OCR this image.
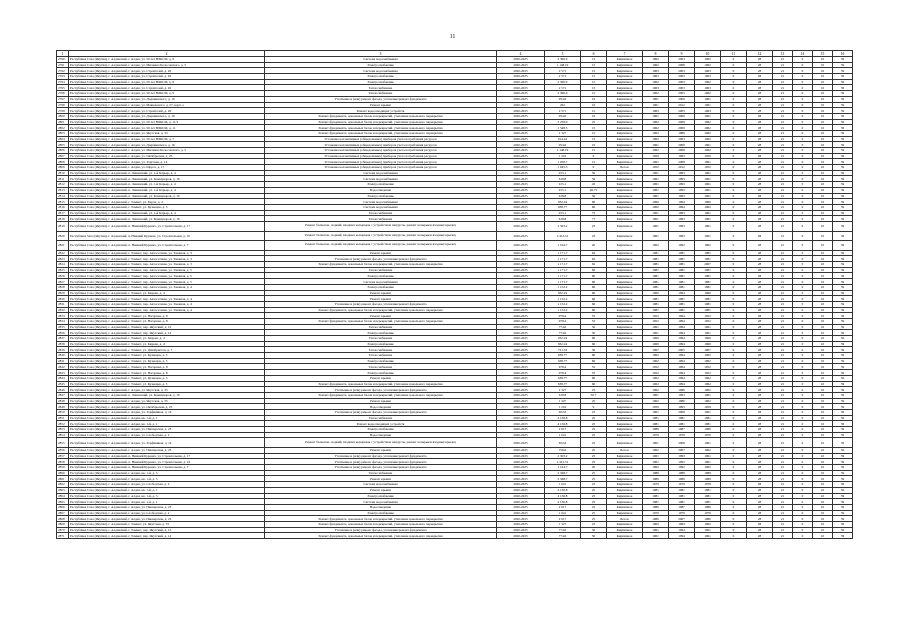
11
1	2	3	4	5	6	7	8	9	10	11	12	13	14	15	16
2790	Республика Саха (Якутия), г. Алданский, г. Алдан, ул. 50 лет ВЛКСМ, д. 9	Система водоснабжения	2020-2025	2 390.9	15	Кирпичное	1962	2003	1962	0	28	21	0	10	59
2791	Республика Саха (Якутия), г. Алданский, г. Алдан, ул. Мичмана Колосовского, д. 5	Электроснабжение	2020-2025	1 148.19	15	Кирпичное	1962	2008	1962	0	28	21	0	10	59
2792	Республика Саха (Якутия), г. Алданский, г. Алдан, ул. Строителей, д. 26	Система водоснабжения	2020-2025	2 571	15	Кирпичное	1963	2003	1963	0	28	21	0	10	59
2793	Республика Саха (Якутия), г. Алданский, г. Алдан, ул. Строителей, д. 26	Электроснабжение	2020-2025	2 571	15	Кирпичное	1963	2003	1963	0	28	21	0	10	59
2794	Республика Саха (Якутия), г. Алданский, г. Алдан, ул. 50 лет ВЛКСМ, д. 9	Электроснабжение	2020-2025	2 390.9	15	Кирпичное	1962	2003	1962	0	28	21	0	10	59
2795	Республика Саха (Якутия), г. Алданский, г. Алдан, ул. Строителей, д. 26	Теплоснабжение	2020-2025	2 571	15	Кирпичное	1963	2003	1963	0	28	21	0	10	59
2796	Республика Саха (Якутия), г. Алданский, г. Алдан, ул. 50 лет ВЛКСМ, д. 9	Теплоснабжение	2020-2025	2 390.9	15	Кирпичное	1962	2003	1962	0	28	21	0	10	59
2797	Республика Саха (Якутия), г. Алданский, г. Алдан, ул. Дзержинского, д. 16	Утепление и (или) ремонт фасада, утепление/ремонт фундамента	2020-2025	954.6	19	Кирпичное	1961	2009	1961	0	28	21	0	10	59
2798	Республика Саха (Якутия), г. Алданский, г. Алдан, ул. Маяковского, д. 27, корп. а	Ремонт крыши	2020-2025	262	10	Кирпичное	1961	2012	1961	0	28	21	0	10	59
2799	Республика Саха (Якутия), г. Алданский, г. Алдан, ул. Строителей, д. 26	Ремонт водоотводящих устройств	2020-2025	2 571	15	Кирпичное	1963	2003	1963	0	28	21	0	10	59
2800	Республика Саха (Якутия), г. Алданский, г. Алдан, ул. Дзержинского, д. 16	Ремонт фундамента, цокольных балок и перекрытий, утепление цокольного перекрытия	2020-2025	954.6	19	Кирпичное	1961	2009	1961	0	28	21	0	10	59
2801	Республика Саха (Якутия), г. Алданский, г. Алдан, ул. 50 лет ВЛКСМ, д. 11/2	Ремонт фундамента, цокольных балок и перекрытий, утепление цокольного перекрытия	2020-2025	2 256.9	25	Кирпичное	1962	2009	1962	0	28	21	0	10	59
2802	Республика Саха (Якутия), г. Алданский, г. Алдан, ул. 50 лет ВЛКСМ, д. 11	Ремонт фундамента, цокольных балок и перекрытий, утепление цокольного перекрытия	2020-2025	1 548.5	15	Кирпичное	1962	2009	1962	0	28	21	0	10	59
2803	Республика Саха (Якутия), г. Алданский, г. Алдан, ул. Якутская, д. 33	Ремонт фундамента, цокольных балок и перекрытий, утепление цокольного перекрытия	2020-2025	1 327	15	Кирпичное	1962	1986	1962	0	28	21	0	10	59
2804	Республика Саха (Якутия), г. Алданский, г. Алдан, ул. 50 лет ВЛКСМ, д. 7	Установка коллективных (общедомовых) приборов учета потребления ресурсов	2020-2025	914.24	15	Кирпичное	1962	2003	1962	0	28	21	0	10	59
2805	Республика Саха (Якутия), г. Алданский, г. Алдан, ул. Дзержинского, д. 16	Установка коллективных (общедомовых) приборов учета потребления ресурсов	2020-2025	954.6	19	Кирпичное	1961	2009	1961	0	28	21	0	10	59
2806	Республика Саха (Якутия), г. Алданский, г. Алдан, ул. Мичмана Колосовского, д. 5	Установка коллективных (общедомовых) приборов учета потребления ресурсов	2020-2025	1 148.19	15	Кирпичное	1962	2008	1962	0	28	21	0	10	59
2807	Республика Саха (Якутия), г. Алданский, г. Алдан, ул. Октябрьская, д. 25	Установка коллективных (общедомовых) приборов учета потребления ресурсов	2020-2025	1 216	9	Кирпичное	1959	1993	1959	0	28	21	0	10	59
2808	Республика Саха (Якутия), г. Алданский, г. Алдан, ул. Торговая, д. 14	Установка коллективных (общедомовых) приборов учета потребления ресурсов	2020-2025	1 058.7	15	Кирпичное	1961	2008	1961	0	28	21	0	10	59
2809	Республика Саха (Якутия), г. Алданский, г. Алдан, ул. Щорса, д. 17	Установка коллективных (общедомовых) приборов учета потребления ресурсов	2020-2025	1 045.3	0	Бетон	1952	2012	1952	0	28	21	0	10	59
2810	Республика Саха (Якутия), г. Алданский, п. Ленинский, ул. 1-й Карьер, д. 4	Система водоснабжения	2020-2025	915.1	56	Кирпичное	1961	1993	1961	0	28	21	0	10	59
2811	Республика Саха (Якутия), г. Алданский, п. Ленинский, ул. Коммунаров, д. 16	Система водоснабжения	2020-2025	618.8	56	Кирпичное	1961	1993	1961	0	28	21	0	10	59
2812	Республика Саха (Якутия), г. Алданский, п. Ленинский, ул. 1-й Карьер, д. 4	Электроснабжение	2020-2025	915.1	45	Кирпичное	1961	1993	1961	0	28	21	0	10	59
2813	Республика Саха (Якутия), г. Алданский, п. Ленинский, ул. 1-й Карьер, д. 4	Водоотведение	2020-2025	915.1	46.75	Кирпичное	1961	1993	1961	0	28	21	0	10	59
2814	Республика Саха (Якутия), г. Алданский, п. Ленинский, ул. Коммунаров, д. 16	Электроснабжение	2020-2025	618.8	56	Кирпичное	1961	1993	1961	0	28	21	0	10	59
2815	Республика Саха (Якутия), г. Алданский, г. Томмот, ул. Карла, д. 4	Система водоснабжения	2020-2025	932.24	60	Кирпичное	1960	1994	1960	0	28	21	0	10	59
2816	Республика Саха (Якутия), г. Алданский, г. Томмот, ул. Кузнецов, д. 5	Система водоснабжения	2020-2025	638.77	60	Кирпичное	1962	1994	1962	0	28	21	0	10	59
2817	Республика Саха (Якутия), г. Алданский, п. Ленинский, ул. 1-й Карьер, д. 4	Теплоснабжение	2020-2025	915.1	75	Кирпичное	1961	1993	1961	0	28	21	0	10	59
2818	Республика Саха (Якутия), г. Алданский, п. Ленинский, ул. Коммунаров, д. 16	Теплоснабжение	2020-2025	618.8	77	Кирпичное	1961	1993	1961	0	28	21	0	10	59
2819	Республика Саха (Якутия), г. Алданский, п. Нижний Куранах, ул. Строительная, д. 17	Ремонт балконов, лоджий, входных козырьков с устройством пандусов, ремонт козырьков входных крылец	2020-2025	2 303.2	25	Кирпичное	1961	1993	1961	0	28	21	0	10	59
2820	Республика Saxa (Якутия), г. Алданский, п. Нижний Куранах, ул. Строительная, д. 19	Ремонт балконов, лоджий, входных козырьков с устройством пандусов, ремонт козырьков входных крылец	2020-2025	2 412.51	25	Кирпичное	1961	1993	1961	0	28	21	0	10	59
2821	Республика Саха (Якутия), г. Алданский, п. Нижний Куранах, ул. Строительная, д. 7	Ремонт балконов, лоджий, входных козырьков с устройством пандусов, ремонт козырьков входных крылец	2020-2025	1 104.7	20	Кирпичное	1962	1992	1962	0	28	21	0	10	59
2822	Республика Саха (Якутия), г. Алданский, г. Томмот, пер. Автосетевая, ул. Таежная, д. 3	Ремонт крыши	2020-2025	1 171.7	62	Кирпичное	1981	1981	1981	0	28	21	0	10	59
2823	Республика Саха (Якутия), г. Алданский, г. Томмот, пер. Автосетевая, ул. Таежная, д. 3	Утепление и (или) ремонт фасада, утепление/ремонт фундамента	2020-2025	1 171.7	62	Кирпичное	1981	1981	1981	0	28	21	0	10	59
2824	Республика Саха (Якутия), г. Алданский, г. Томмот, пер. Автосетевая, ул. Таежная, д. 3	Ремонт фундамента, цокольных балок и перекрытий, утепление цокольного перекрытия	2020-2025	1 171.7	62	Кирпичное	1981	1981	2007	0	28	21	0	10	59
2825	Республика Саха (Якутия), г. Алданский, г. Томмот, пер. Автосетевая, ул. Таежная, д. 5	Теплоснабжение	2020-2025	1 171.7	60	Кирпичное	1981	1981	1981	0	28	21	0	10	59
2826	Республика Саха (Якутия), г. Алданский, г. Томмот, пер. Автосетевая, ул. Таежная, д. 5	Электроснабжение	2020-2025	1 171.7	60	Кирпичное	1981	1981	1981	0	28	21	0	10	59
2827	Республика Саха (Якутия), г. Алданский, г. Томмот, пер. Автосетевая, ул. Таежная, д. 5	Система водоснабжения	2020-2025	1 171.7	60	Кирпичное	1981	1981	1981	0	28	21	0	10	59
2828	Республика Саха (Якутия), г. Алданский, г. Томмот, пер. Автосетевая, ул. Таежная, д. 4	Электроснабжение	2020-2025	1 152.2	60	Кирпичное	1981	1981	1981	0	28	21	0	10	59
2829	Республика Саха (Якутия), г. Алданский, г. Томмот, ул. Кирова, д. 4	Ремонт крыши	2020-2025	932.24	60	Кирпичное	1960	1994	1960	0	28	21	0	10	59
2830	Республика Саха (Якутия), г. Алданский, г. Томмот, пер. Автосетевая, ул. Таежная, д. 4	Ремонт крыши	2020-2025	1 152.2	60	Кирпичное	1981	1981	1981	0	28	21	0	10	59
2831	Республика Саха (Якутия), г. Алданский, г. Томмот, пер. Автосетевая, ул. Таежная, д. 4	Утепление и (или) ремонт фасада, утепление/ремонт фундамента	2020-2025	1 152.2	60	Кирпичное	1981	1981	1981	0	28	21	0	10	59
2832	Республика Саха (Якутия), г. Алданский, г. Томмот, пер. Автосетевая, ул. Таежная, д. 4	Ремонт фундамента, цокольных балок и перекрытий, утепление цокольного перекрытия	2020-2025	1 152.2	60	Кирпичное	1981	1981	1981	0	28	21	0	10	59
2833	Республика Саха (Якутия), г. Алданский, г. Томмот, ул. Нагорная, д. 8	Ремонт крыши	2020-2025	978.4	55	Кирпичное	1952	1994	1952	0	28	21	0	10	59
2834	Республика Саха (Якутия), г. Алданский, г. Томмот, ул. Нагорная, д. 8	Ремонт фундамента, цокольных балок и перекрытий, утепление цокольного перекрытия	2020-2025	978.4	55	Кирпичное	1952	1994	1952	0	28	21	0	10	59
2835	Республика Саха (Якутия), г. Алданский, г. Томмот, пер. Якутский, д. 12	Теплоснабжение	2020-2025	774.6	50	Кирпичное	1961	1994	1961	0	28	21	0	10	59
2836	Республика Саха (Якутия), г. Алданский, г. Томмот, пер. Якутский, д. 12	Электроснабжение	2020-2025	774.6	50	Кирпичное	1961	1994	1961	0	28	21	0	10	59
2837	Республика Саха (Якутия), г. Алданский, г. Томмот, ул. Кирова, д. 4	Теплоснабжение	2020-2025	932.24	60	Кирпичное	1960	1994	1960	0	28	21	0	10	59
2838	Республика Саха (Якутия), г. Алданский, г. Томмот, ул. Кирова, д. 4	Электроснабжение	2020-2025	932.24	60	Кирпичное	1960	1994	1960	0	28	21	0	10	59
2839	Республика Саха (Якутия), г. Алданский, г. Томмот, ул. Декабристов, д. 7	Теплоснабжение	2020-2025	721.33	50	Кирпичное	1967	2005	1967	0	28	21	0	10	59
2840	Республика Саха (Якутия), г. Алданский, г. Томмот, ул. Кузнецов, д. 5	Теплоснабжение	2020-2025	638.77	60	Кирпичное	1962	1994	1962	0	28	21	0	10	59
2841	Республика Саха (Якутия), г. Алданский, г. Томмот, ул. Кузнецов, д. 5	Электроснабжение	2020-2025	638.77	60	Кирпичное	1962	1994	1962	0	28	21	0	10	59
2842	Республика Саха (Якутия), г. Алданский, г. Томмот, ул. Нагорная, д. 8	Теплоснабжение	2020-2025	978.4	55	Кирпичное	1952	1994	1952	0	28	21	0	10	59
2843	Республика Саха (Якутия), г. Алданский, г. Томмот, ул. Нагорная, д. 8	Электроснабжение	2020-2025	978.4	55	Кирпичное	1952	1994	1952	0	28	21	0	10	59
2844	Республика Саха (Якутия), г. Алданский, г. Томмот, ул. Кузнецов, д. 5	Ремонт крыши	2020-2025	638.77	60	Кирпичное	1962	1994	1962	0	28	21	0	10	59
2845	Республика Саха (Якутия), г. Алданский, г. Томмот, ул. Кузнецов, д. 5	Ремонт фундамента, цокольных балок и перекрытий, утепление цокольного перекрытия	2020-2025	638.77	60	Кирпичное	1962	1994	1962	0	28	21	0	10	59
2846	Республика Саха (Якутия), г. Алданский, г. Алдан, ул. Якутская, д. 33	Утепление и (или) ремонт фасада, утепление/ремонт фундамента	2020-2025	1 327	25	Кирпичное	1962	1986	1962	0	28	21	0	10	59
2847	Республика Саха (Якутия), г. Алданский, п. Ленинский, ул. Коммунаров, д. 16	Ремонт фундамента, цокольных балок и перекрытий, утепление цокольного перекрытия	2020-2025	618.8	56.7	Кирпичное	1961	1993	1961	0	28	21	0	10	59
2848	Республика Саха (Якутия), г. Алданский, г. Алдан, ул. Якутская, д. 33	Ремонт крыши	2020-2025	1 327	25	Кирпичное	1962	1986	1962	0	28	21	0	10	59
2849	Республика Саха (Якутия), г. Алданский, г. Алдан, ул. Октябрьская, д. 25	Водоотведение	2020-2025	1 216	9	Кирпичное	1959	1993	1959	0	28	21	0	10	59
2850	Республика Саха (Якутия), г. Алданский, г. Алдан, ул. Торфяников, д. 14	Утепление и (или) ремонт фасада, утепление/ремонт фундамента	2020-2025	652.6	25	Кирпичное	1961	2008	1961	0	28	21	0	10	59
2851	Республика Саха (Якутия), г. Алданский, г. Алдан, кв. 1-й, д. 1	Теплоснабжение	2020-2025	4 136.8	25	Кирпичное	1981	1981	1981	0	28	21	0	10	59
2852	Республика Саха (Якутия), г. Алданский, г. Алдан, кв. 1-й, д. 1	Ремонт водоотводящих устройств	2020-2025	4 136.8	25	Кирпичное	1981	1981	1981	0	28	21	0	10	59
2853	Республика Саха (Якутия), г. Алданский, г. Алдан, ул. Пионерская, д. 23	Электроснабжение	2020-2025	2 017	25	Кирпичное	1986	1987	1986	0	28	21	0	10	59
2854	Республика Саха (Якутия), г. Алданский, г. Алдан, ул. Слободская, д. 2	Водоотведение	2020-2025	1 041	25	Кирпичное	1979	1979	1979	0	28	21	0	10	59
2855	Республика Саха (Якутия), г. Алданский, г. Алдан, ул. Торфяников, д. 14	Ремонт балконов, лоджий, входных козырьков с устройством пандусов, ремонт козырьков входных крылец	2020-2025	652.6	25	Кирпичное	1961	2008	1961	0	28	21	0	10	59
2856	Республика Саха (Якутия), г. Алданский, г. Алдан, ул. Пионерская, д. 23	Ремонт крыши	2020-2025	756.6	25	Бетон	1962	2007	1962	0	28	21	0	10	59
2857	Республика Саха (Якутия), г. Алданский, п. Нижний Куранах, ул. Строительная, д. 17	Утепление и (или) ремонт фасада, утепление/ремонт фундамента	2020-2025	2 303.2	25	Кирпичное	1961	1993	1961	0	28	21	0	10	59
2858	Республика Саха (Якутия), г. Алданский, п. Нижний Куранах, ул. Строительная, д. 19	Утепление и (или) ремонт фасада, утепление/ремонт фундамента	2020-2025	2 412.51	25	Кирпичное	1961	1993	1961	0	28	21	0	10	59
2859	Республика Саха (Якутия), г. Алданский, п. Нижний Куранах, ул. Строительная, д. 7	Утепление и (или) ремонт фасада, утепление/ремонт фундамента	2020-2025	1 104.7	20	Кирпичное	1962	1992	1962	0	28	21	0	10	59
2860	Республика Саха (Якутия), г. Алданский, г. Алдан, кв. 1-й, д. 5	Теплоснабжение	2020-2025	2 348.7	25	Кирпичное	1989	1989	1989	0	28	21	0	10	59
2861	Республика Саха (Якутия), г. Алданский, г. Алдан, кв. 1-й, д. 5	Ремонт крыши	2020-2025	2 348.7	25	Кирпичное	1989	1989	1989	0	28	21	0	10	59
2862	Республика Саха (Якутия), г. Алданский, г. Алдан, ул. Слободская, д. 2	Система водоснабжения	2020-2025	1 041	25	Кирпичное	1979	1979	1979	0	28	21	0	10	59
2863	Республика Саха (Якутия), г. Алданский, г. Алдан, кв. 1-й, д. 1	Ремонт крыши	2020-2025	4 136.8	25	Кирпичное	1981	1981	1981	0	28	21	0	10	59
2864	Республика Саха (Якутия), г. Алданский, г. Алдан, кв. 1-й, д. 5	Электроснабжение	2020-2025	4 136.8	25	Кирпичное	1981	1981	1981	0	28	21	0	10	59
2865	Республика Саха (Якутия), г. Алданский, г. Алдан, кв. 1-й, д. 1	Система водоснабжения	2020-2025	4 136.8	25	Кирпичное	1981	1981	1981	0	28	21	0	10	59
2866	Республика Саха (Якутия), г. Алданский, г. Алдан, ул. Пионерская, д. 23	Водоотведение	2020-2025	2 017	25	Кирпичное	1986	1987	1986	0	28	21	0	10	59
2867	Республика Саха (Якутия), г. Алданский, г. Алдан, ул. Слободская, д. 2	Электроснабжение	2020-2025	1 041	25	Кирпичное	1979	1979	1979	0	28	21	0	10	59
2868	Республика Саха (Якутия), г. Алданский, г. Алдан, ул. Пионерская, д. 23	Ремонт фундамента, цокольных балок и перекрытий, утепление цокольного перекрытия	2020-2025	2 017	25	Бетон	1986	2007	1986	0	28	21	0	10	59
2869	Республика Саха (Якутия), г. Алданский, г. Томмот, ул. Якутская, д. 33	Ремонт фундамента, цокольных балок и перекрытий, утепление цокольного перекрытия	2020-2025	1 327	25	Кирпичное	1962	1984	1962	0	28	21	0	10	59
2870	Республика Саха (Якутия), г. Алданский, г. Томмот, пер. Якутский, д. 12	Утепление и (или) ремонт фасада, утепление/ремонт фундамента	2020-2025	774.6	50	Кирпичное	1961	1994	1961	0	28	21	0	10	59
2871	Республика Саха (Якутия), г. Алданский, г. Томмот, пер. Якутский, д. 12	Ремонт фундамента, цокольных балок и перекрытий, утепление цокольного перекрытия	2020-2025	774.6	50	Кирпичное	1961	1994	1961	0	28	21	0	10	59
